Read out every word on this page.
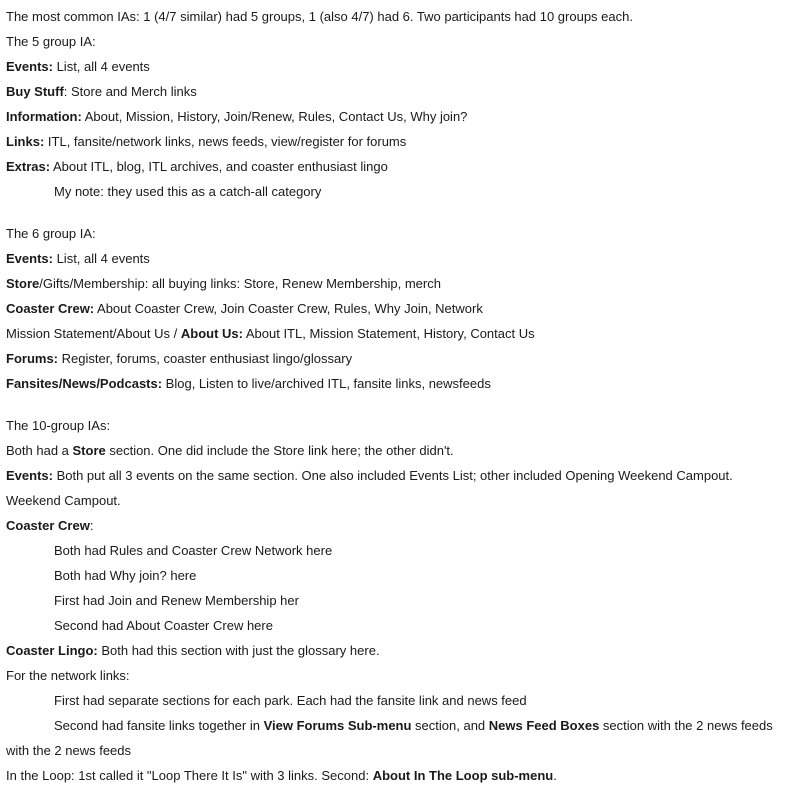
The most common IAs: 1 (4/7 similar) had 5 groups, 1 (also 4/7) had 6. Two participants had 10 groups each.
The 5 group IA:
Events: List, all 4 events
Buy Stuff: Store and Merch links
Information: About, Mission, History, Join/Renew, Rules, Contact Us, Why join?
Links: ITL, fansite/network links, news feeds, view/register for forums
Extras: About ITL, blog, ITL archives, and coaster enthusiast lingo
My note: they used this as a catch-all category
The 6 group IA:
Events: List, all 4 events
Store/Gifts/Membership: all buying links: Store, Renew Membership, merch
Coaster Crew: About Coaster Crew, Join Coaster Crew, Rules, Why Join, Network
Mission Statement/About Us / About Us: About ITL, Mission Statement, History, Contact Us
Forums: Register, forums, coaster enthusiast lingo/glossary
Fansites/News/Podcasts: Blog, Listen to live/archived ITL, fansite links, newsfeeds
The 10-group IAs:
Both had a Store section. One did include the Store link here; the other didn't.
Events: Both put all 3 events on the same section. One also included Events List; other included Opening Weekend Campout.
Weekend Campout.
Coaster Crew:
Both had Rules and Coaster Crew Network here
Both had Why join? here
First had Join and Renew Membership her
Second had About Coaster Crew here
Coaster Lingo: Both had this section with just the glossary here.
For the network links:
First had separate sections for each park. Each had the fansite link and news feed
Second had fansite links together in View Forums Sub-menu section, and News Feed Boxes section with the 2 news feeds
with the 2 news feeds
In the Loop: 1st called it "Loop There It Is" with 3 links. Second: About In The Loop sub-menu.
